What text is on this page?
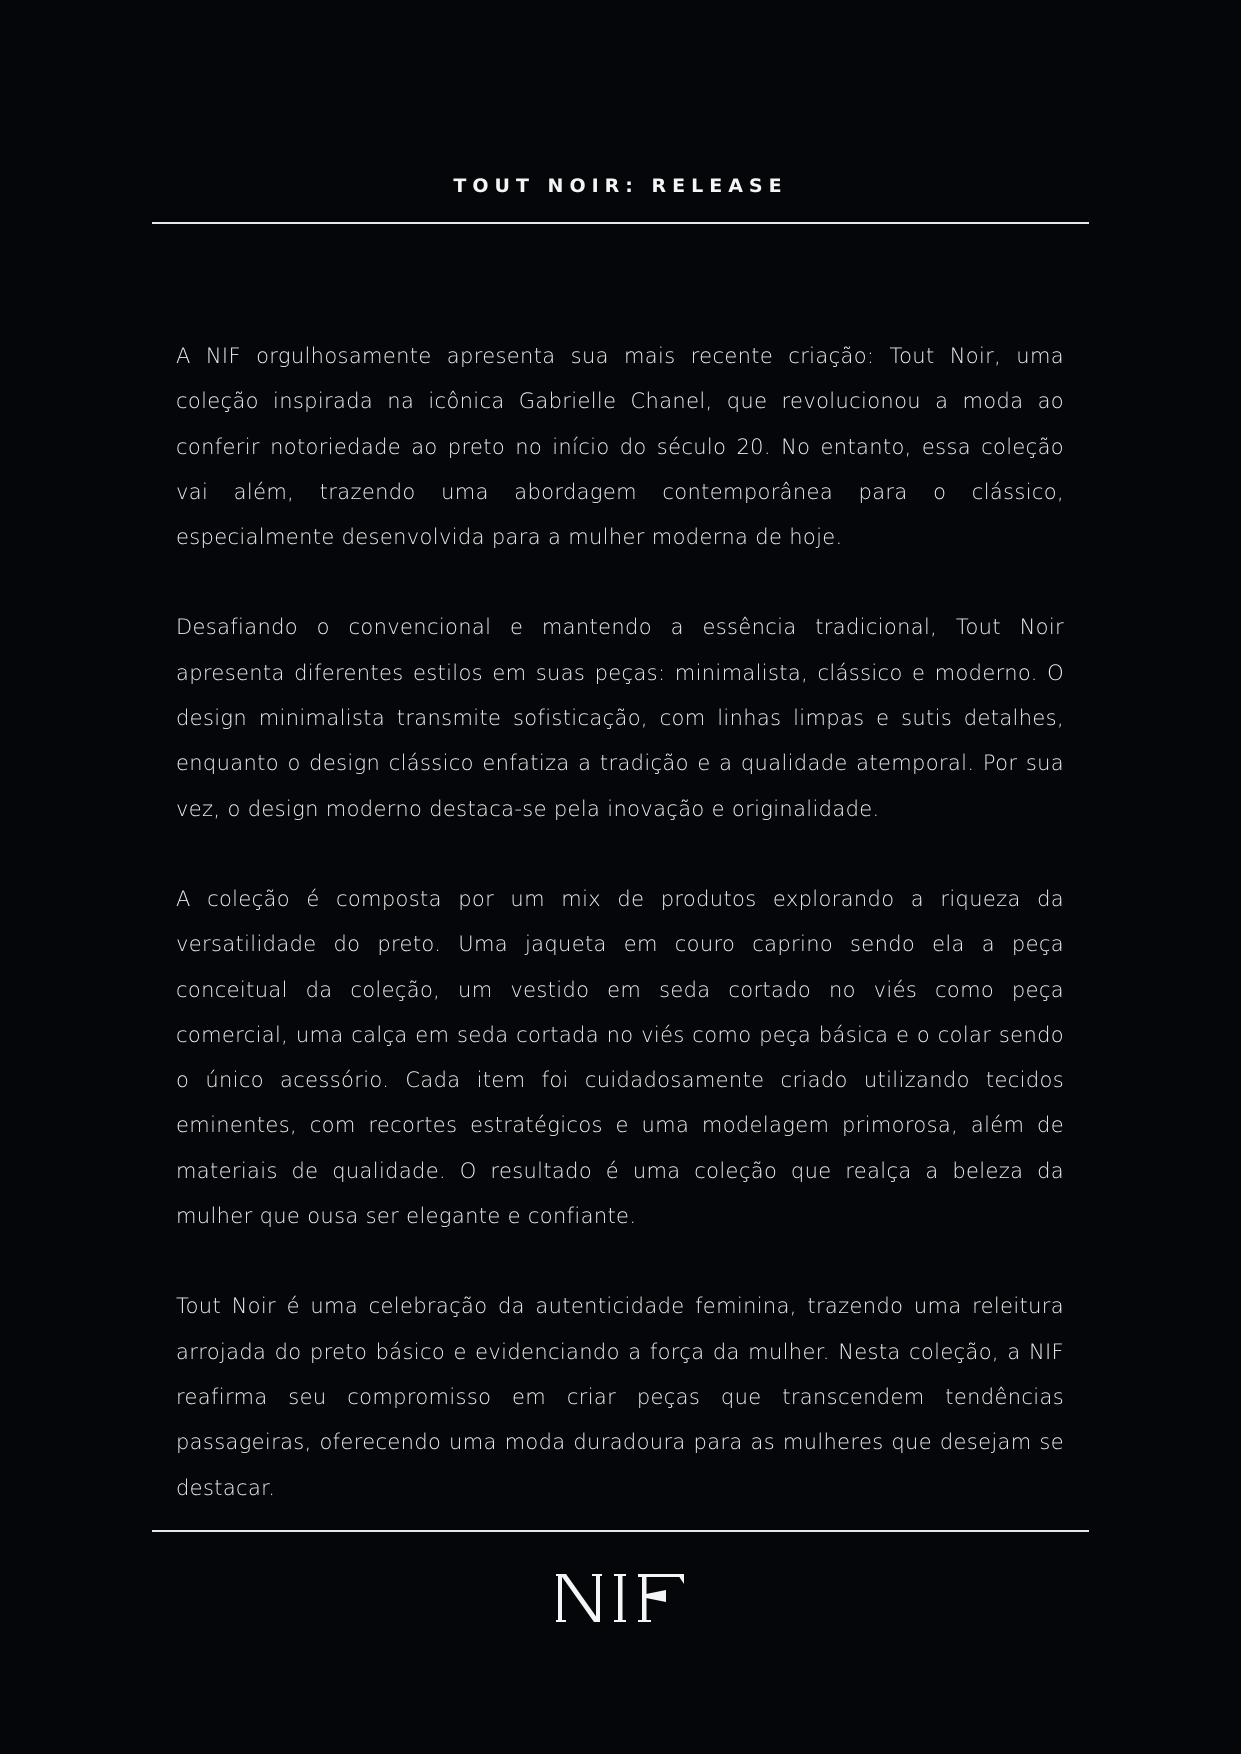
TOUT NOIR: RELEASE

A NIF orgulhosamente apresenta sua mais recente criação: Tout Noir, uma coleção inspirada na icônica Gabrielle Chanel, que revolucionou a moda ao conferir notoriedade ao preto no início do século 20. No entanto, essa coleção vai além, trazendo uma abordagem contemporânea para o clássico, especialmente desenvolvida para a mulher moderna de hoje.

Desafiando o convencional e mantendo a essência tradicional, Tout Noir apresenta diferentes estilos em suas peças: minimalista, clássico e moderno. O design minimalista transmite sofisticação, com linhas limpas e sutis detalhes, enquanto o design clássico enfatiza a tradição e a qualidade atemporal. Por sua vez, o design moderno destaca-se pela inovação e originalidade.

A coleção é composta por um mix de produtos explorando a riqueza da versatilidade do preto. Uma jaqueta em couro caprino sendo ela a peça conceitual da coleção, um vestido em seda cortado no viés como peça comercial, uma calça em seda cortada no viés como peça básica e o colar sendo o único acessório. Cada item foi cuidadosamente criado utilizando tecidos eminentes, com recortes estratégicos e uma modelagem primorosa, além de materiais de qualidade. O resultado é uma coleção que realça a beleza da mulher que ousa ser elegante e confiante.

Tout Noir é uma celebração da autenticidade feminina, trazendo uma releitura arrojada do preto básico e evidenciando a força da mulher. Nesta coleção, a NIF reafirma seu compromisso em criar peças que transcendem tendências passageiras, oferecendo uma moda duradoura para as mulheres que desejam se destacar.
